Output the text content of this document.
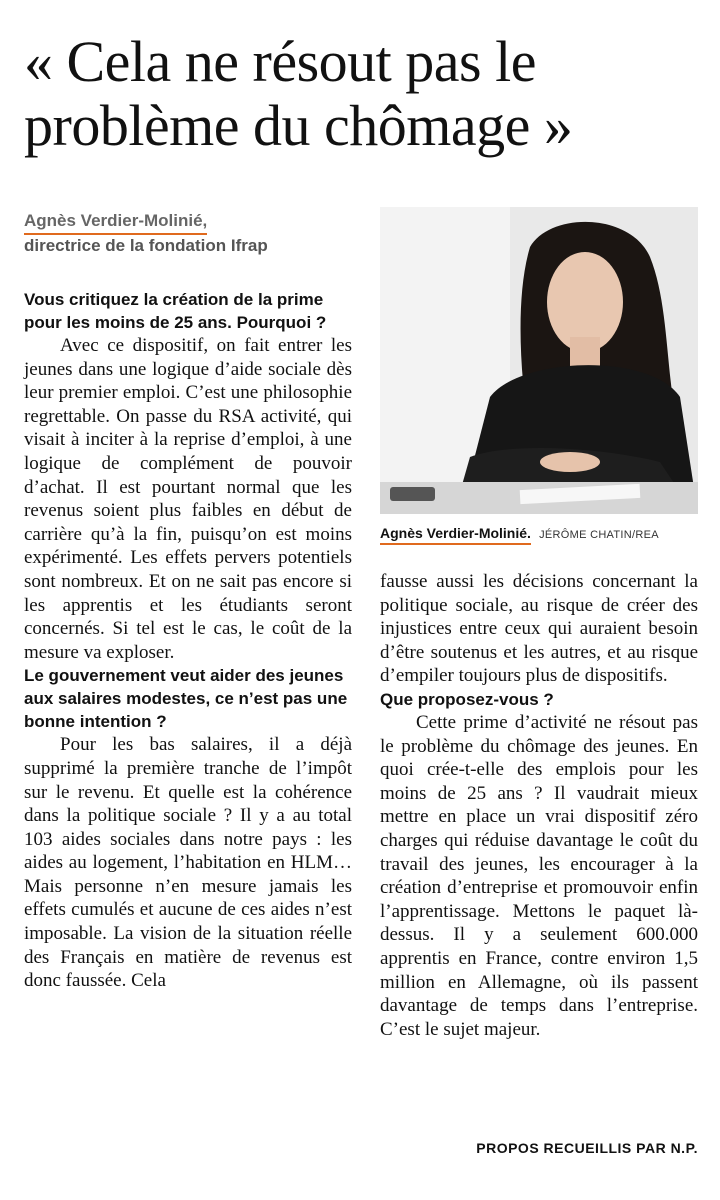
« Cela ne résout pas le
problème du chômage »
Agnès Verdier-Molinié,
directrice de la fondation Ifrap
Agnès Verdier-Molinié. JÉRÔME CHATIN/REA

Vous critiquez la création de la prime pour les moins de 25 ans. Pourquoi ?

Avec ce dispositif, on fait entrer les jeunes dans une logique d’aide sociale dès leur premier emploi. C’est une philosophie regrettable. On passe du RSA activité, qui visait à inciter à la reprise d’emploi, à une logique de complément de pouvoir d’achat. Il est pourtant normal que les revenus soient plus faibles en début de carrière qu’à la fin, puisqu’on est moins expérimenté. Les effets pervers potentiels sont nombreux. Et on ne sait pas encore si les apprentis et les étudiants seront concernés. Si tel est le cas, le coût de la mesure va exploser.

Le gouvernement veut aider des jeunes aux salaires modestes, ce n’est pas une bonne intention ?

Pour les bas salaires, il a déjà supprimé la première tranche de l’impôt sur le revenu. Et quelle est la cohérence dans la politique sociale ? Il y a au total 103 aides sociales dans notre pays : les aides au logement, l’habitation en HLM… Mais personne n’en mesure jamais les effets cumulés et aucune de ces aides n’est imposable. La vision de la situation réelle des Français en matière de revenus est donc faussée. Cela

fausse aussi les décisions concernant la politique sociale, au risque de créer des injustices entre ceux qui auraient besoin d’être soutenus et les autres, et au risque d’empiler toujours plus de dispositifs.

Que proposez-vous ?

Cette prime d’activité ne résout pas le problème du chômage des jeunes. En quoi crée-t-elle des emplois pour les moins de 25 ans ? Il vaudrait mieux mettre en place un vrai dispositif zéro charges qui réduise davantage le coût du travail des jeunes, les encourager à la création d’entreprise et promouvoir enfin l’apprentissage. Mettons le paquet là-dessus. Il y a seulement 600.000 apprentis en France, contre environ 1,5 million en Allemagne, où ils passent davantage de temps dans l’entreprise. C’est le sujet majeur.

PROPOS RECUEILLIS PAR N.P.
